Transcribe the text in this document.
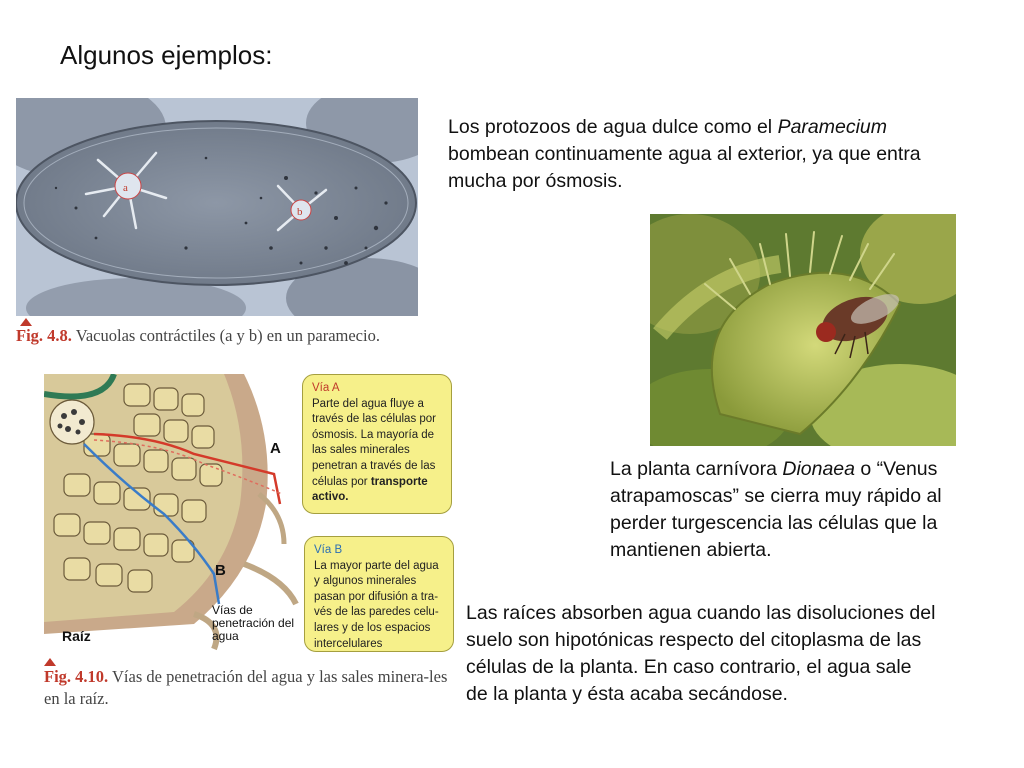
Algunos ejemplos:
a
b
Fig. 4.8. Vacuolas contráctiles (a y b) en un paramecio.
Los protozoos de agua dulce como el Paramecium bombean continuamente agua al exterior, ya que entra mucha por ósmosis.
La planta carnívora Dionaea o “Venus atrapamoscas” se cierra muy rápido al perder turgescencia las células que la mantienen abierta.
A
B
Vías de penetración del agua
Raíz
Vía A
Parte del agua fluye a través de las células por ósmosis. La mayoría de las sales minerales penetran a través de las células por transporte activo.
Vía B
La mayor parte del agua y algunos minerales pasan por difusión a tra-vés de las paredes celu-lares y de los espacios intercelulares
Fig. 4.10. Vías de penetración del agua y las sales minera-les en la raíz.
Las raíces absorben agua cuando las disoluciones del suelo son hipotónicas respecto del citoplasma de las células de la planta. En caso contrario, el agua sale de la planta y ésta acaba secándose.
